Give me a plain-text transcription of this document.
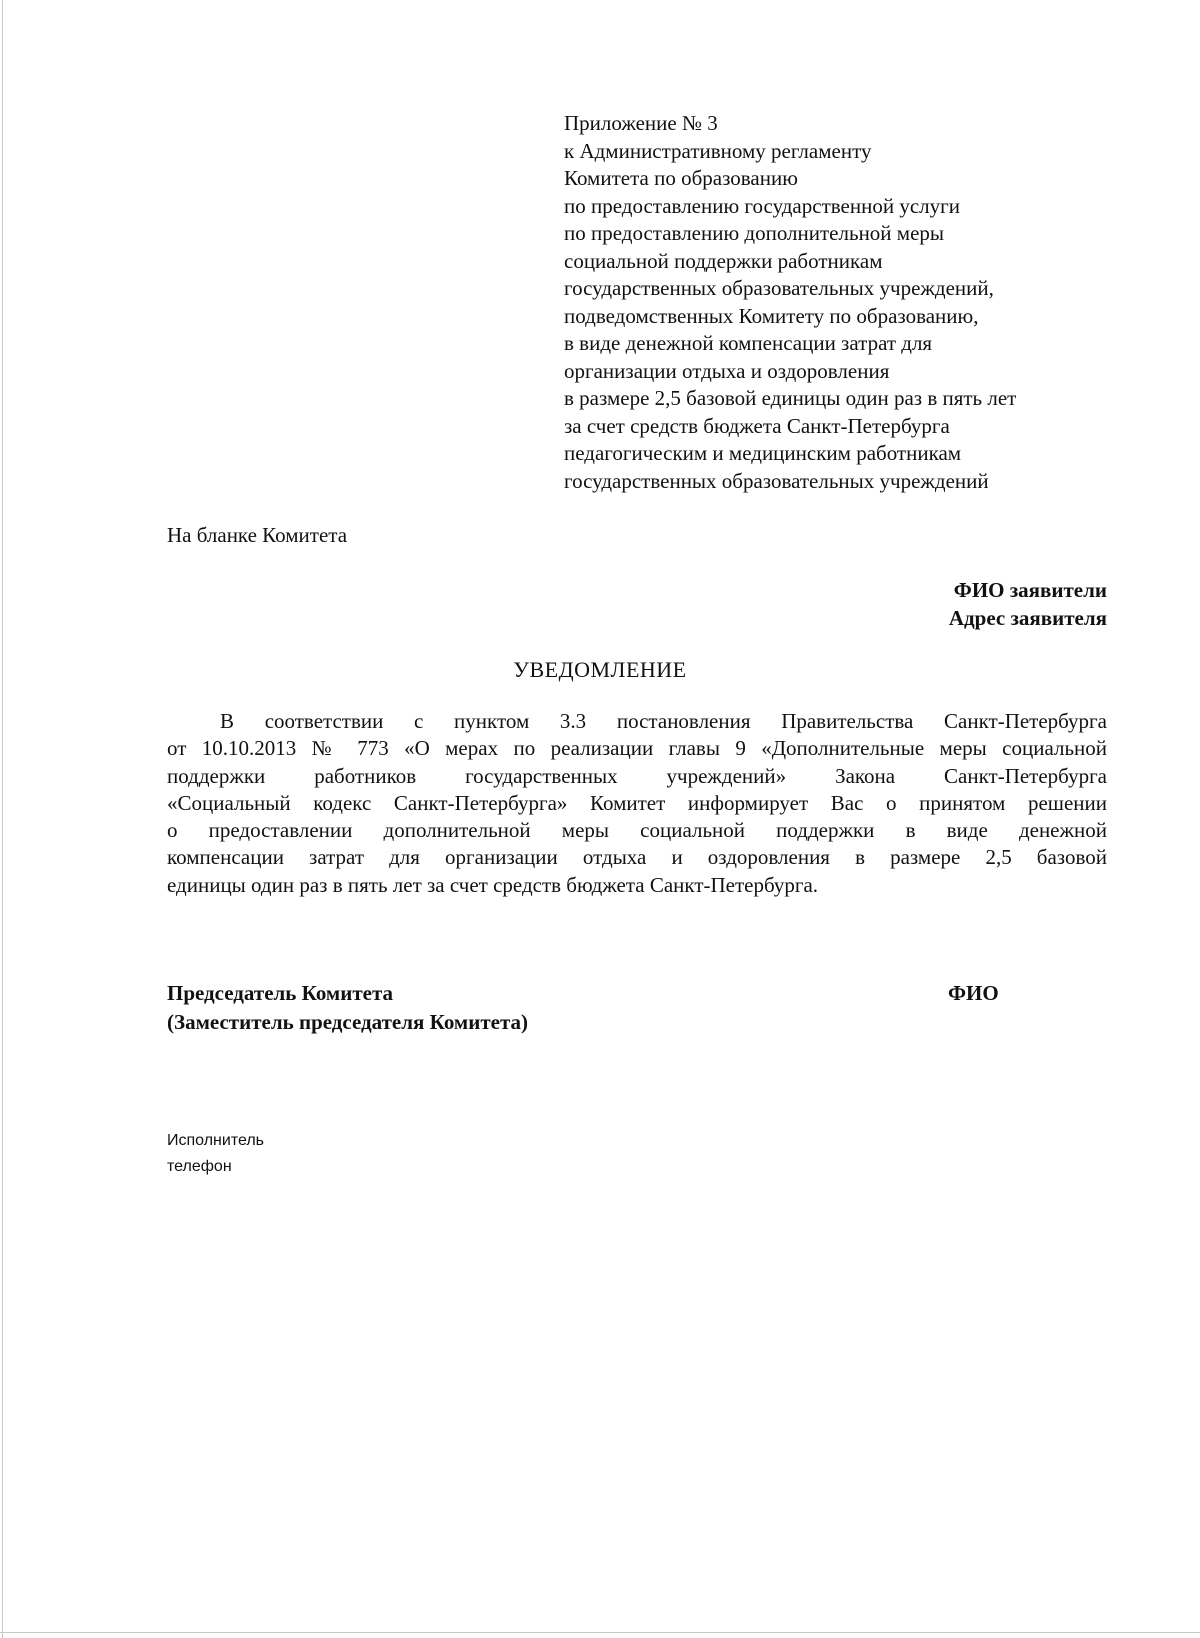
Приложение № 3
к Административному регламенту
Комитета по образованию
по предоставлению государственной услуги
по предоставлению дополнительной меры
социальной поддержки работникам
государственных образовательных учреждений,
подведомственных Комитету по образованию,
в виде денежной компенсации затрат для
организации отдыха и оздоровления
в размере 2,5 базовой единицы один раз в пять лет
за счет средств бюджета Санкт-Петербурга
педагогическим и медицинским работникам
государственных образовательных учреждений
На бланке Комитета
ФИО заявители
Адрес заявителя
УВЕДОМЛЕНИЕ
В соответствии с пунктом 3.3 постановления Правительства Санкт-Петербурга
от 10.10.2013 № 773 «О мерах по реализации главы 9 «Дополнительные меры социальной
поддержки работников государственных учреждений» Закона Санкт-Петербурга
«Социальный кодекс Санкт-Петербурга» Комитет информирует Вас о принятом решении
о предоставлении дополнительной меры социальной поддержки в виде денежной
компенсации затрат для организации отдыха и оздоровления в размере 2,5 базовой
единицы один раз в пять лет за счет средств бюджета Санкт-Петербурга.
Председатель Комитета
(Заместитель председателя Комитета)
ФИО
Исполнитель
телефон
